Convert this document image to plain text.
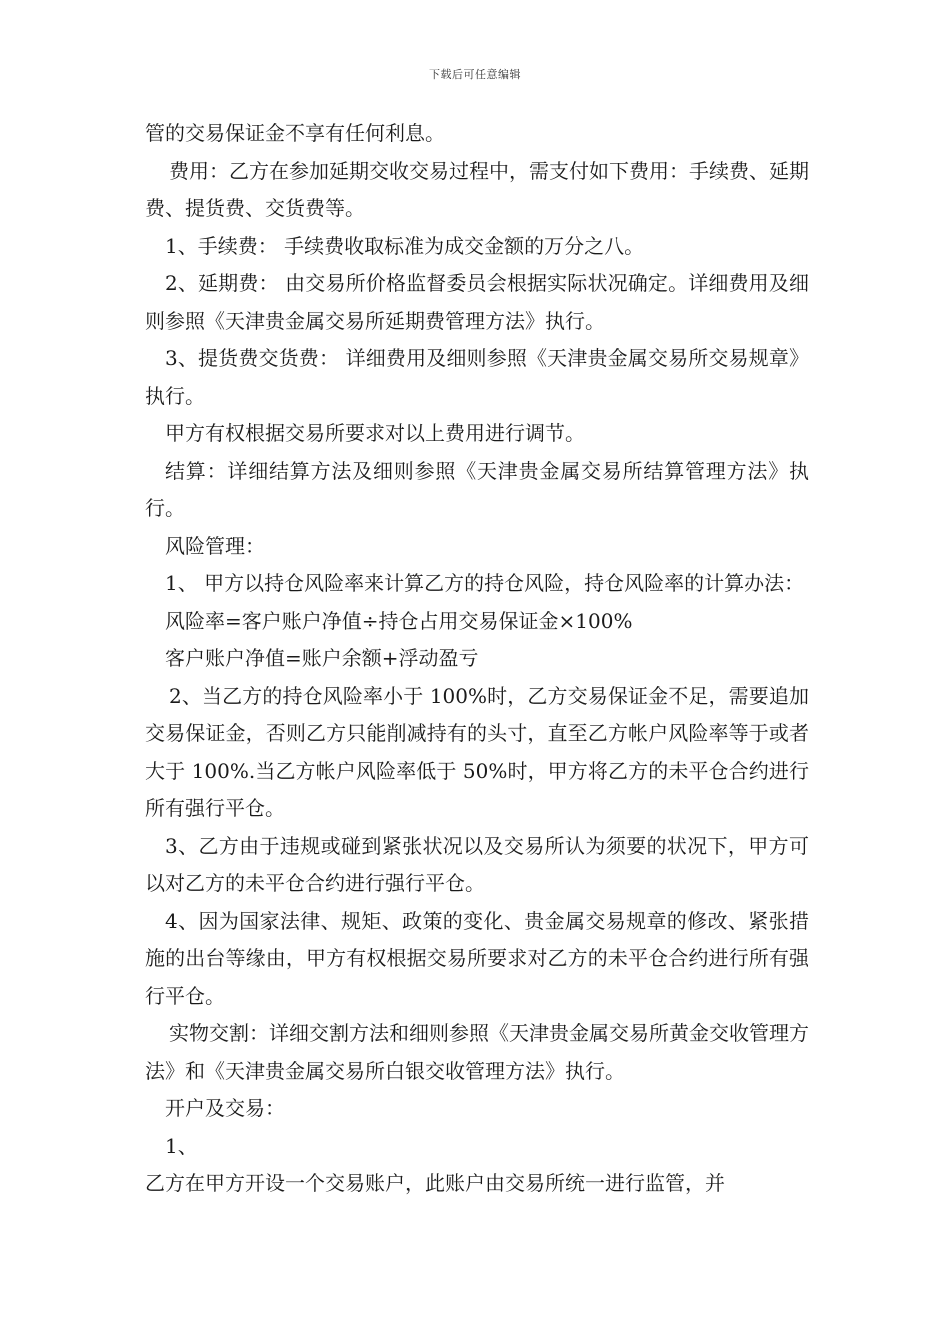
下载后可任意编辑

管的交易保证金不享有任何利息。

费用：乙方在参加延期交收交易过程中，需支付如下费用：手续费、延期费、提货费、交货费等。

1、手续费： 手续费收取标准为成交金额的万分之八。

2、延期费： 由交易所价格监督委员会根据实际状况确定。详细费用及细则参照《天津贵金属交易所延期费管理方法》执行。

3、提货费交货费： 详细费用及细则参照《天津贵金属交易所交易规章》执行。

甲方有权根据交易所要求对以上费用进行调节。

结算：详细结算方法及细则参照《天津贵金属交易所结算管理方法》执行。

风险管理：

1、 甲方以持仓风险率来计算乙方的持仓风险，持仓风险率的计算办法：

风险率=客户账户净值÷持仓占用交易保证金×100%

客户账户净值=账户余额+浮动盈亏

2、当乙方的持仓风险率小于 100%时，乙方交易保证金不足，需要追加交易保证金，否则乙方只能削减持有的头寸，直至乙方帐户风险率等于或者大于 100%.当乙方帐户风险率低于 50%时，甲方将乙方的未平仓合约进行所有强行平仓。

3、乙方由于违规或碰到紧张状况以及交易所认为须要的状况下，甲方可以对乙方的未平仓合约进行强行平仓。

4、因为国家法律、规矩、政策的变化、贵金属交易规章的修改、紧张措施的出台等缘由，甲方有权根据交易所要求对乙方的未平仓合约进行所有强行平仓。

实物交割：详细交割方法和细则参照《天津贵金属交易所黄金交收管理方法》和《天津贵金属交易所白银交收管理方法》执行。

开户及交易：

1、

乙方在甲方开设一个交易账户，此账户由交易所统一进行监管，并
